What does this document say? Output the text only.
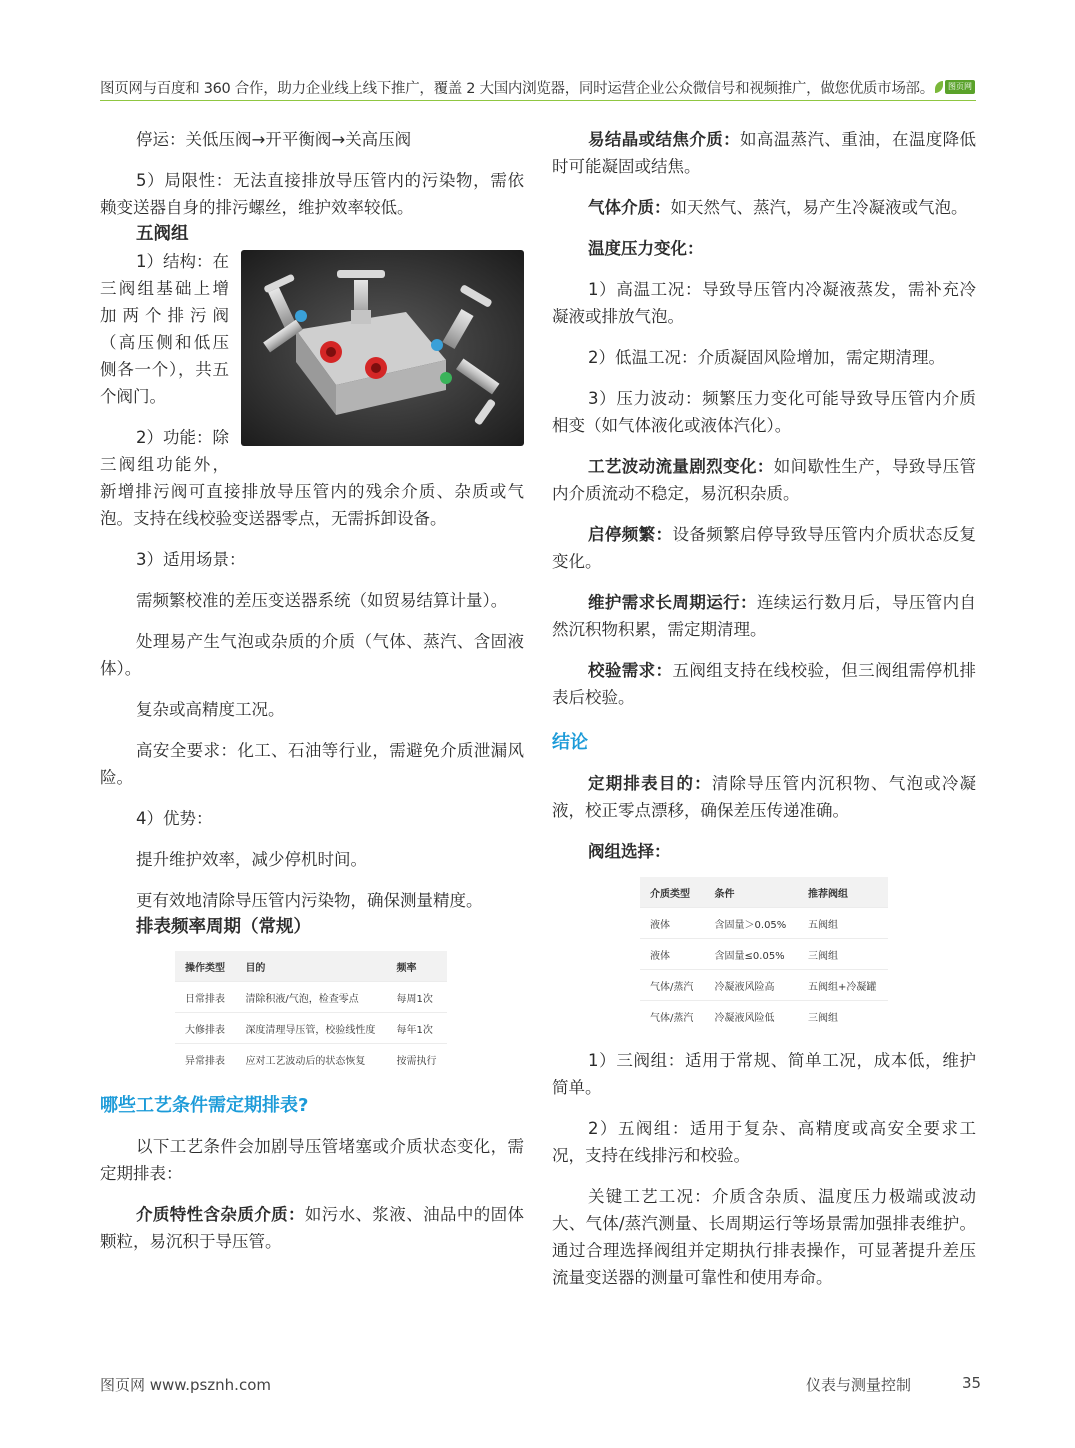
图页网与百度和 360 合作，助力企业线上线下推广，覆盖 2 大国内浏览器，同时运营企业公众微信号和视频推广，做您优质市场部。	图页网

停运：关低压阀→开平衡阀→关高压阀

5）局限性：无法直接排放导压管内的污染物，需依赖变送器自身的排污螺丝，维护效率较低。

五阀组

1）结构：在三阀组基础上增加两个排污阀（高压侧和低压侧各一个），共五个阀门。

2）功能：除三阀组功能外，新增排污阀可直接排放导压管内的残余介质、杂质或气泡。支持在线校验变送器零点，无需拆卸设备。

3）适用场景：

需频繁校准的差压变送器系统（如贸易结算计量）。

处理易产生气泡或杂质的介质（气体、蒸汽、含固液体）。

复杂或高精度工况。

高安全要求：化工、石油等行业，需避免介质泄漏风险。

4）优势：

提升维护效率，减少停机时间。

更有效地清除导压管内污染物，确保测量精度。

排表频率周期（常规）
操作类型	目的	频率
日常排表	清除积液/气泡，检查零点	每周1次
大修排表	深度清理导压管，校验线性度	每年1次
异常排表	应对工艺波动后的状态恢复	按需执行
哪些工艺条件需定期排表?

以下工艺条件会加剧导压管堵塞或介质状态变化，需定期排表：

介质特性含杂质介质：如污水、浆液、油品中的固体颗粒，易沉积于导压管。

易结晶或结焦介质：如高温蒸汽、重油，在温度降低时可能凝固或结焦。

气体介质：如天然气、蒸汽，易产生冷凝液或气泡。

温度压力变化：

1）高温工况：导致导压管内冷凝液蒸发，需补充冷凝液或排放气泡。

2）低温工况：介质凝固风险增加，需定期清理。

3）压力波动：频繁压力变化可能导致导压管内介质相变（如气体液化或液体汽化）。

工艺波动流量剧烈变化：如间歇性生产，导致导压管内介质流动不稳定，易沉积杂质。

启停频繁：设备频繁启停导致导压管内介质状态反复变化。

维护需求长周期运行：连续运行数月后，导压管内自然沉积物积累，需定期清理。

校验需求：五阀组支持在线校验，但三阀组需停机排表后校验。

结论

定期排表目的：清除导压管内沉积物、气泡或冷凝液，校正零点漂移，确保差压传递准确。

阀组选择：

介质类型	条件	推荐阀组
液体	含固量＞0.05%	五阀组
液体	含固量≤0.05%	三阀组
气体/蒸汽	冷凝液风险高	五阀组+冷凝罐
气体/蒸汽	冷凝液风险低	三阀组

1）三阀组：适用于常规、简单工况，成本低，维护简单。

2）五阀组：适用于复杂、高精度或高安全要求工况，支持在线排污和校验。

关键工艺工况：介质含杂质、温度压力极端或波动大、气体/蒸汽测量、长周期运行等场景需加强排表维护。通过合理选择阀组并定期执行排表操作，可显著提升差压流量变送器的测量可靠性和使用寿命。

图页网 www.psznh.com	仪表与测量控制	35
